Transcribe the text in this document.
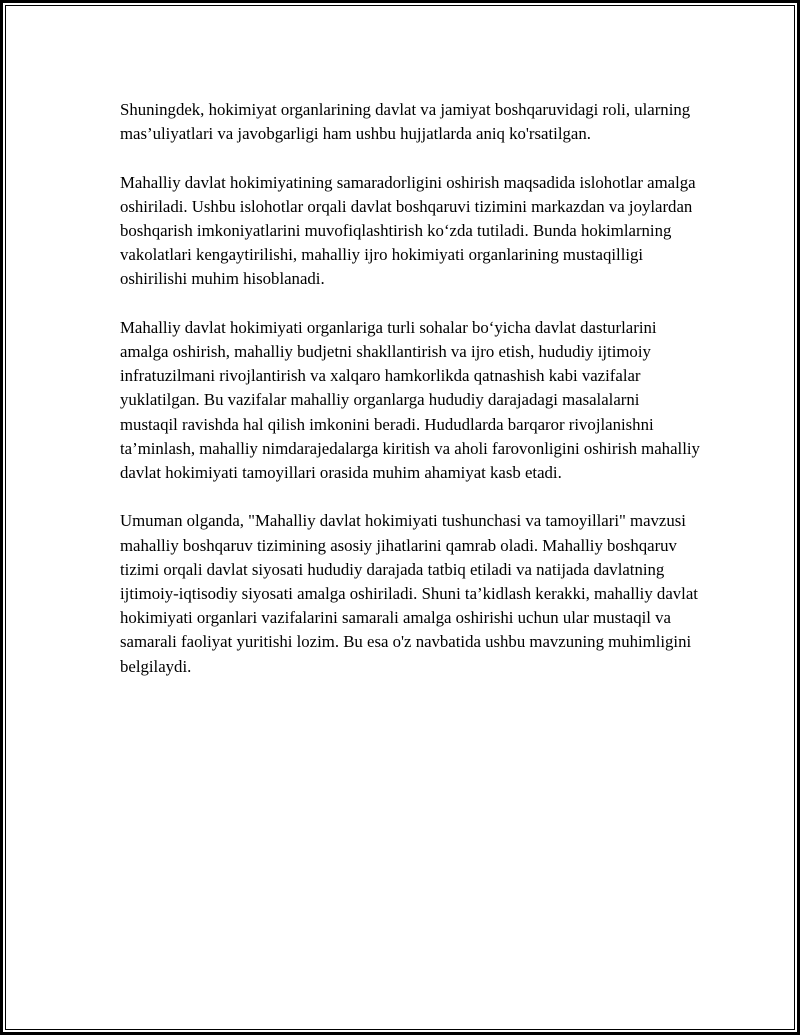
Shuningdek, hokimiyat organlarining davlat va jamiyat boshqaruvidagi roli, ularning mas’uliyatlari va javobgarligi ham ushbu hujjatlarda aniq ko'rsatilgan.

Mahalliy davlat hokimiyatining samaradorligini oshirish maqsadida islohotlar amalga oshiriladi. Ushbu islohotlar orqali davlat boshqaruvi tizimini markazdan va joylardan boshqarish imkoniyatlarini muvofiqlashtirish ko‘zda tutiladi. Bunda hokimlarning vakolatlari kengaytirilishi, mahalliy ijro hokimiyati organlarining mustaqilligi oshirilishi muhim hisoblanadi.

Mahalliy davlat hokimiyati organlariga turli sohalar bo‘yicha davlat dasturlarini amalga oshirish, mahalliy budjetni shakllantirish va ijro etish, hududiy ijtimoiy infratuzilmani rivojlantirish va xalqaro hamkorlikda qatnashish kabi vazifalar yuklatilgan. Bu vazifalar mahalliy organlarga hududiy darajadagi masalalarni mustaqil ravishda hal qilish imkonini beradi. Hududlarda barqaror rivojlanishni ta’minlash, mahalliy nimdarajedalarga kiritish va aholi farovonligini oshirish mahalliy davlat hokimiyati tamoyillari orasida muhim ahamiyat kasb etadi.

Umuman olganda, "Mahalliy davlat hokimiyati tushunchasi va tamoyillari" mavzusi mahalliy boshqaruv tizimining asosiy jihatlarini qamrab oladi. Mahalliy boshqaruv tizimi orqali davlat siyosati hududiy darajada tatbiq etiladi va natijada davlatning ijtimoiy-iqtisodiy siyosati amalga oshiriladi. Shuni ta’kidlash kerakki, mahalliy davlat hokimiyati organlari vazifalarini samarali amalga oshirishi uchun ular mustaqil va samarali faoliyat yuritishi lozim. Bu esa o'z navbatida ushbu mavzuning muhimligini belgilaydi.
